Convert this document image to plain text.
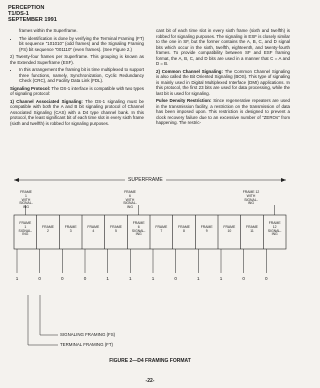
PERCEPTION
T1/DS-1
SEPTEMBER 1991

frames within the Superframe.

• The identification is done by verifying the Terminal Framing (FT) bit sequence "101010" (odd frames) and the Signaling Framing (FS) bit sequence "001110" (even frames). (See Figure 2.)

2) Twenty-four frames per Superframe. This grouping is known as the Extended Superframe (ESF).

• In this arrangement the framing bit is time multiplexed to support three functions, namely, Synchronization, Cyclic Redundancy Check (CRC), and Facility Data Link (FDL).

Signaling Protocol: The DS-1 interface is compatible with two types of signaling protocol:

1) Channel Associated Signaling: The DS-1 signaling must be compatible with both the A and B bit signaling protocol of Channel Associated Signaling (CAS) with a D4 type channel bank. In this protocol, the least significant bit of each time slot in every sixth frame (sixth and twelfth) is robbed for signaling purposes.

cant bit of each time slot in every sixth frame (sixth and twelfth) is robbed for signaling purposes. The signaling in ESF is closely similar to the one in SF, but the former contains the A, B, C, and D signal bits which occur in the sixth, twelfth, eighteenth, and twenty-fourth frames. To provide compatibility between SF and ESF framing format, the A, B, C, and D bits are used in a manner that C = A and D = B.

2) Common Channel Signaling: The Common Channel Signaling is also called the Bit Oriented Signaling (BOS). This type of signaling is mainly used in Digital Multiplexed Interface (DMI) applications. In this protocol, the first 23 bits are used for data processing, while the last bit is used for signaling.

Pulse Density Restriction: Since regenerative repeaters are used in the transmission facility, a restriction on the transmission of data has been imposed upon. This restriction is designed to prevent a clock recovery failure due to an excessive number of "ZEROs" from happening. The restric-

SUPERFRAME
FRAME
1
WITH
SIGNAL-
ING
FRAME
6
WITH
SIGNAL-
ING
FRAME 12
WITH
SIGNAL-
ING
FRAME
1
SIGNAL-
ING
FRAME
2
FRAME
3
FRAME
4
FRAME
5
FRAME
6
SIGNAL-
ING
FRAME
7
FRAME
8
FRAME
9
FRAME
10
FRAME
11
FRAME
12
SIGNAL-
ING
1	0	0	0	1	1	1	0	1	1	0	0
SIGNALING FRAMING (FS)
TERMINAL FRAMING (FT)
FIGURE 2—D4 FRAMING FORMAT
-22-
